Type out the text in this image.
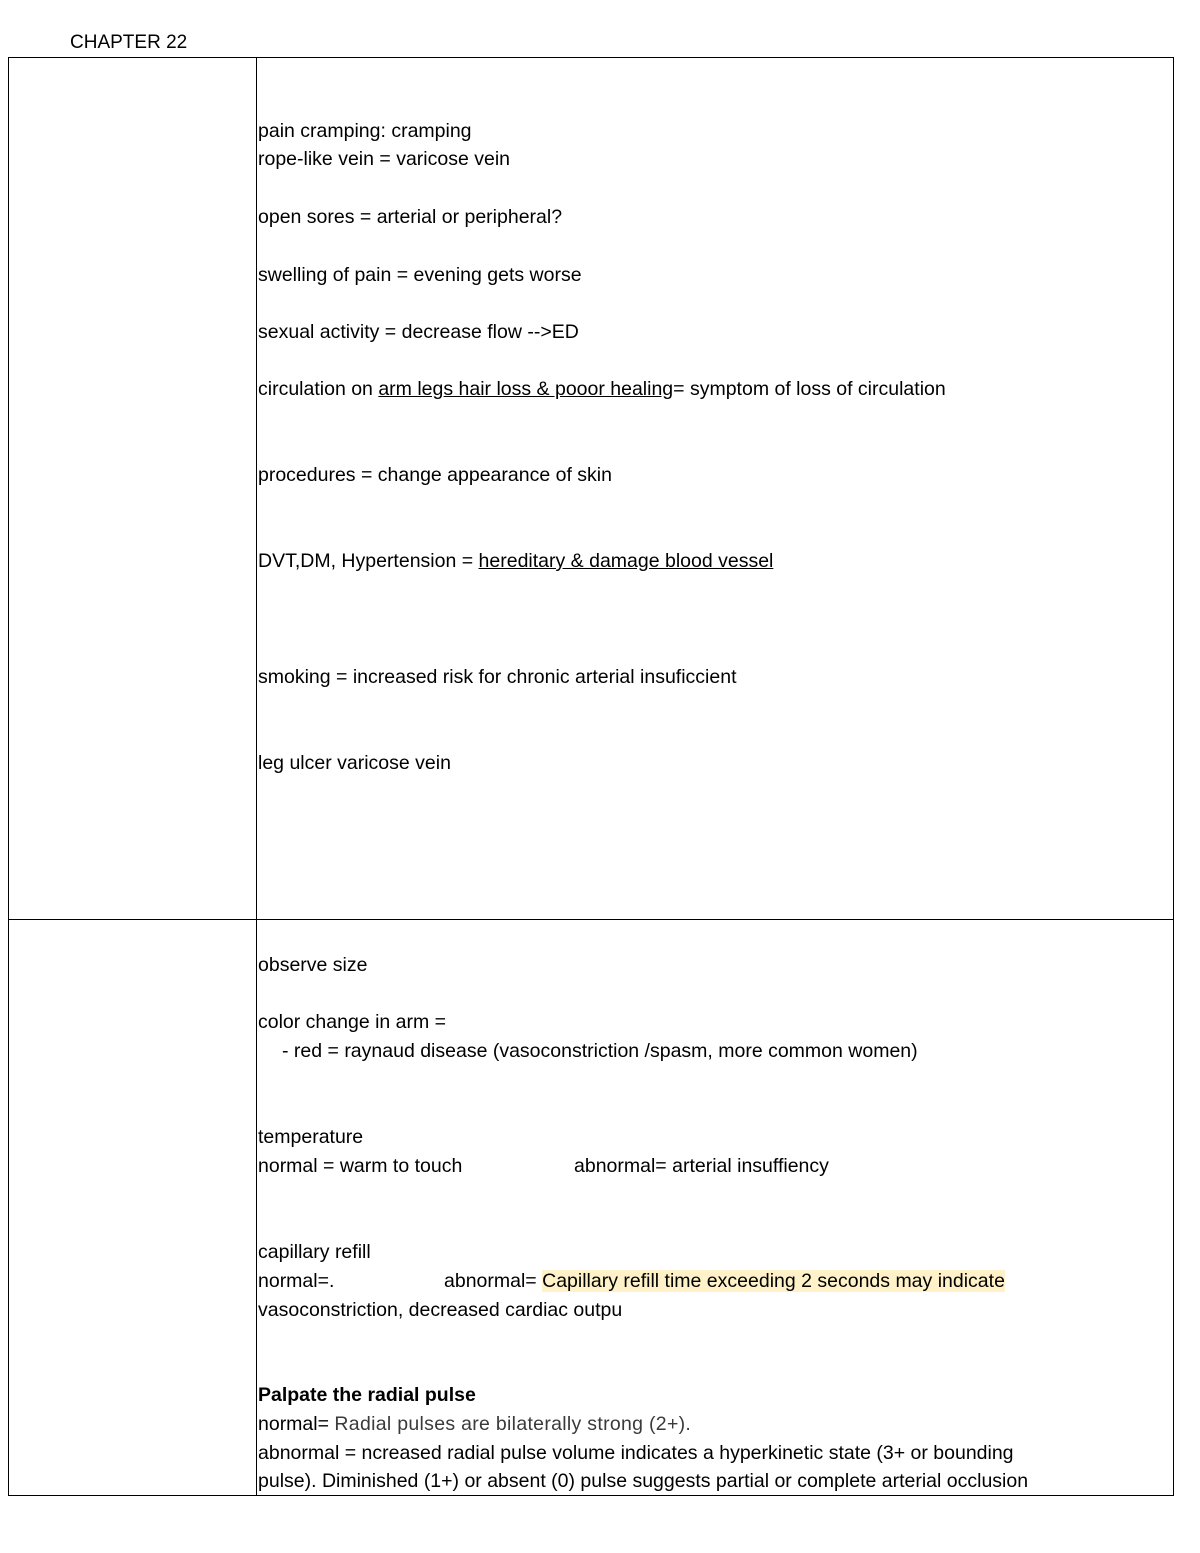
CHAPTER 22
pain cramping: cramping
rope-like vein = varicose vein
open sores = arterial or peripheral?
swelling of pain = evening gets worse
sexual activity = decrease flow -->ED
circulation on arm legs hair loss & pooor healing= symptom of loss of circulation
procedures = change appearance of skin
DVT,DM, Hypertension = hereditary & damage blood vessel
smoking = increased risk for chronic arterial insuficcient
leg ulcer varicose vein
observe size
color change in arm =
- red = raynaud disease (vasoconstriction /spasm, more common women)
temperature
normal = warm to touch	abnormal= arterial insuffiency
capillary refill
normal=.	abnormal= Capillary refill time exceeding 2 seconds may indicate
vasoconstriction, decreased cardiac outpu
Palpate the radial pulse
normal= Radial pulses are bilaterally strong (2+).
abnormal = ncreased radial pulse volume indicates a hyperkinetic state (3+ or bounding
pulse). Diminished (1+) or absent (0) pulse suggests partial or complete arterial occlusion
